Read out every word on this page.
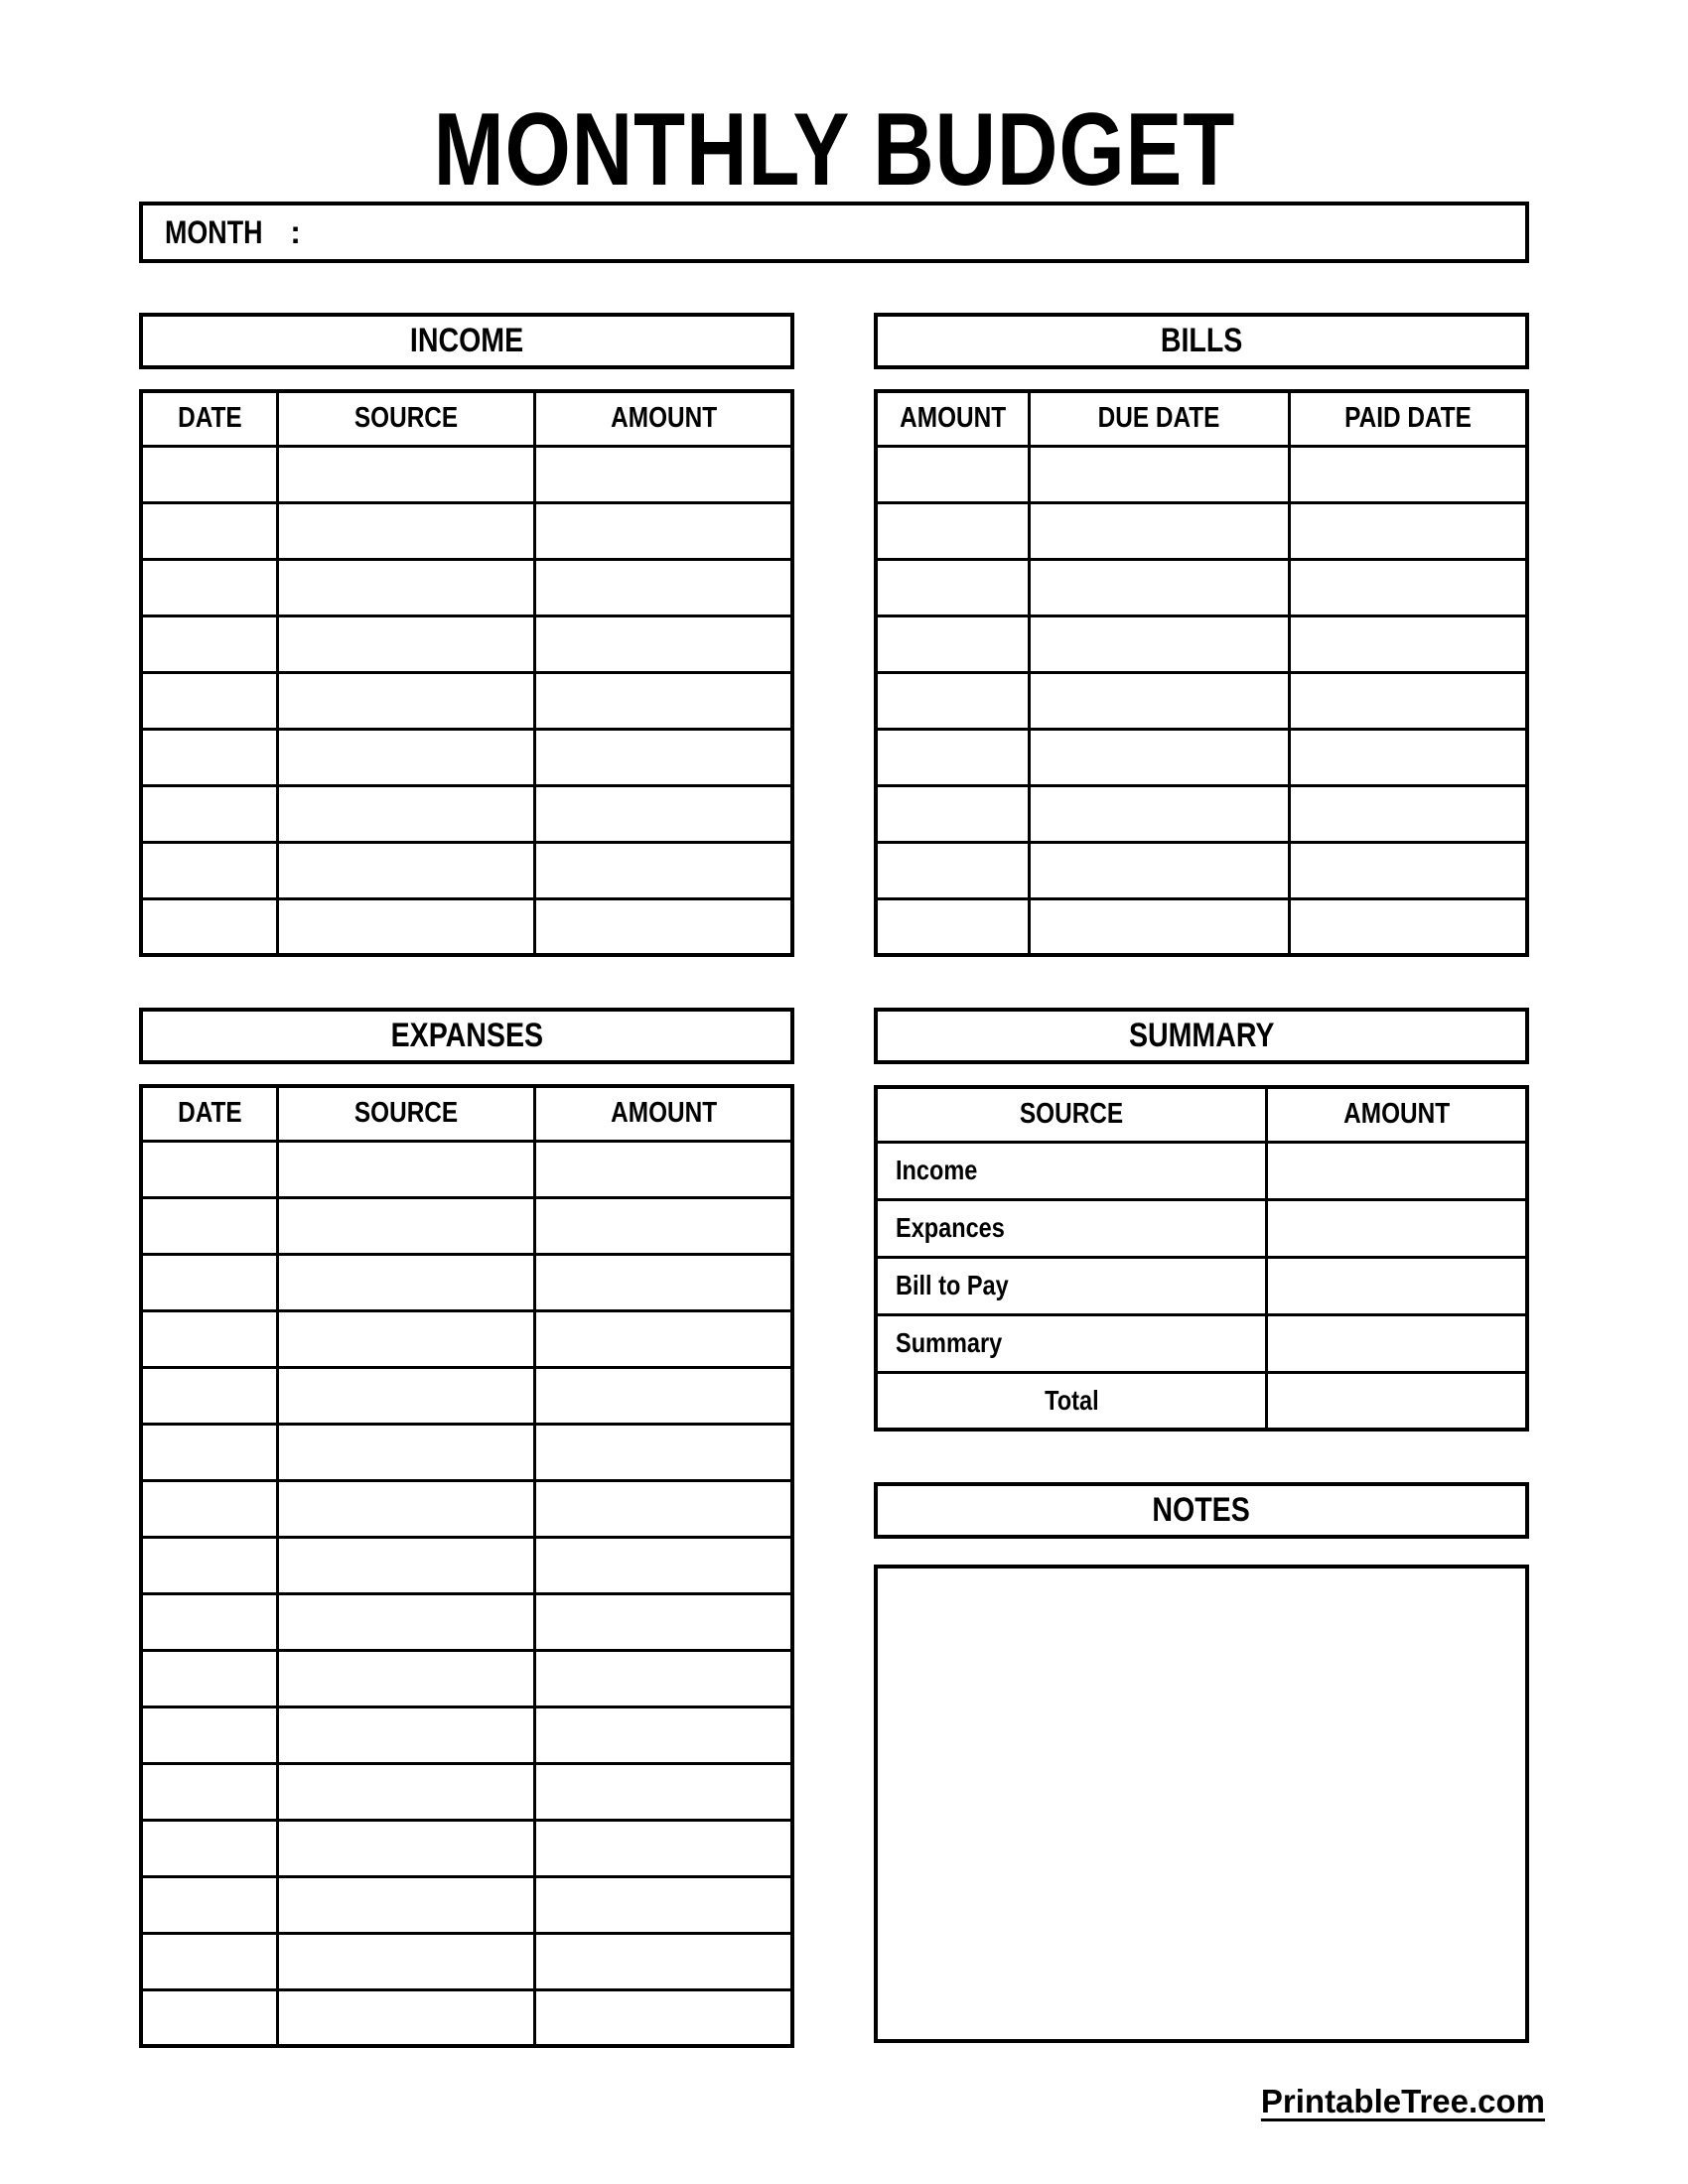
MONTHLY BUDGET
MONTH
:
INCOME
DATE	SOURCE	AMOUNT

EXPANSES
DATE	SOURCE	AMOUNT

BILLS
AMOUNT	DUE DATE	PAID DATE

SUMMARY
SOURCE	AMOUNT
Income	
Expances	
Bill to Pay	
Summary	
Total	
NOTES
PrintableTree.com
